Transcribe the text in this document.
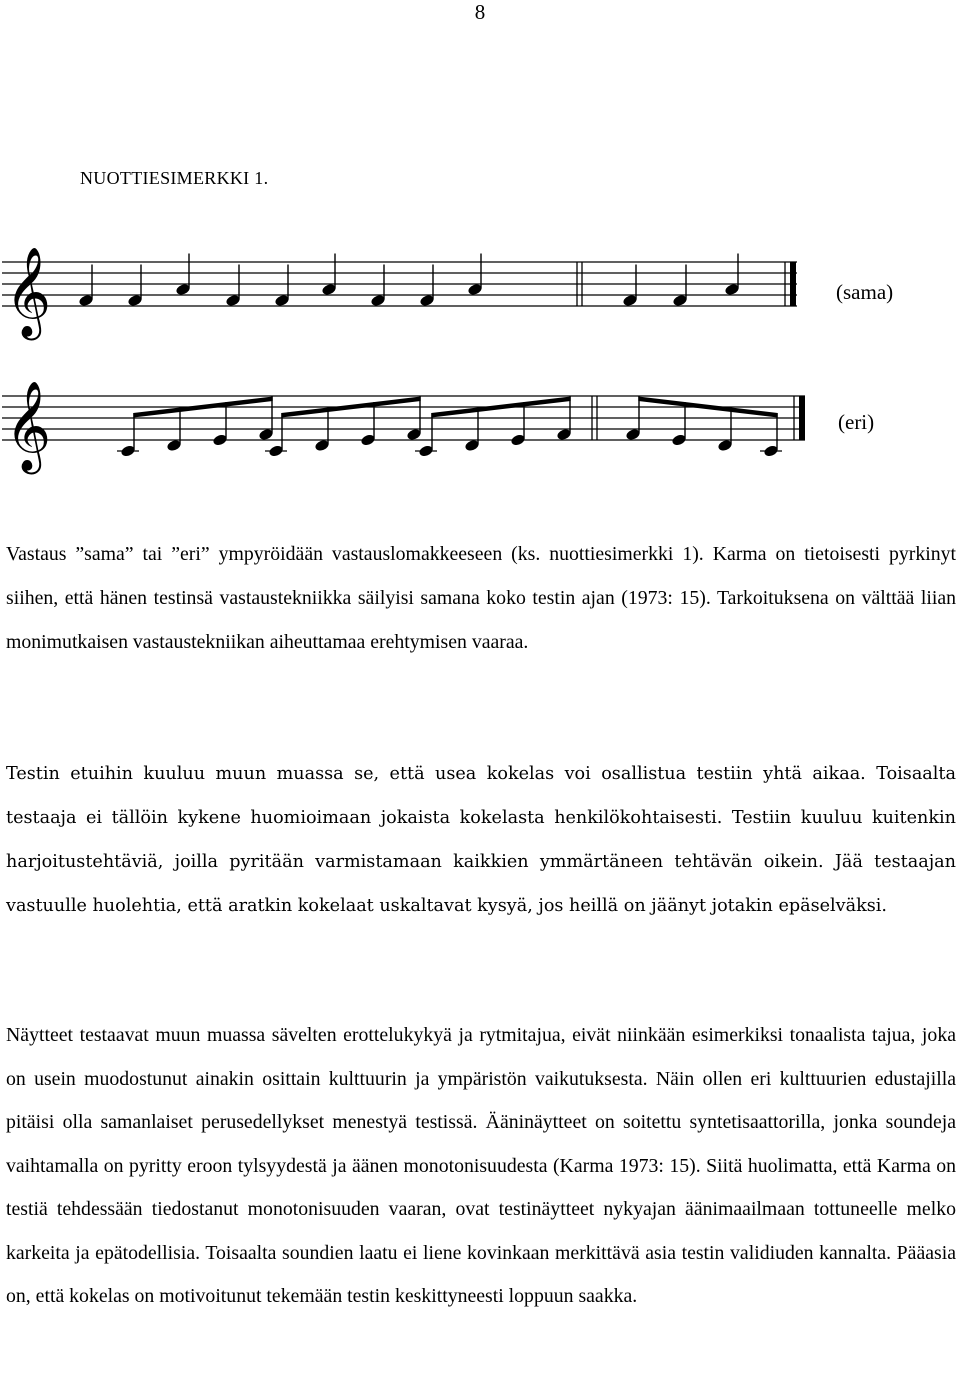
8
NUOTTIESIMERKKI 1.
𝄞
𝄞
(sama)
(eri)

Vastaus ”sama” tai ”eri” ympyröidään vastauslomakkeeseen (ks. nuottiesimerkki 1). Karma on tietoisesti pyrkinyt siihen, että hänen testinsä vastaustekniikka säilyisi samana koko testin ajan (1973: 15). Tarkoituksena on välttää liian monimutkaisen vastaustekniikan aiheuttamaa erehtymisen vaaraa.

Testin etuihin kuuluu muun muassa se, että usea kokelas voi osallistua testiin yhtä aikaa. Toisaalta testaaja ei tällöin kykene huomioimaan jokaista kokelasta henkilökohtaisesti. Testiin kuuluu kuitenkin harjoitustehtäviä, joilla pyritään varmistamaan kaikkien ymmärtäneen tehtävän oikein. Jää testaajan vastuulle huolehtia, että aratkin kokelaat uskaltavat kysyä, jos heillä on jäänyt jotakin epäselväksi.

Näytteet testaavat muun muassa sävelten erottelukykyä ja rytmitajua, eivät niinkään esimerkiksi tonaalista tajua, joka on usein muodostunut ainakin osittain kulttuurin ja ympäristön vaikutuksesta. Näin ollen eri kulttuurien edustajilla pitäisi olla samanlaiset perusedellykset menestyä testissä. Ääninäytteet on soitettu syntetisaattorilla, jonka soundeja vaihtamalla on pyritty eroon tylsyydestä ja äänen monotonisuudesta (Karma 1973: 15). Siitä huolimatta, että Karma on testiä tehdessään tiedostanut monotonisuuden vaaran, ovat testinäytteet nykyajan äänimaailmaan tottuneelle melko karkeita ja epätodellisia. Toisaalta soundien laatu ei liene kovinkaan merkittävä asia testin validiuden kannalta. Pääasia on, että kokelas on motivoitunut tekemään testin keskittyneesti loppuun saakka.
